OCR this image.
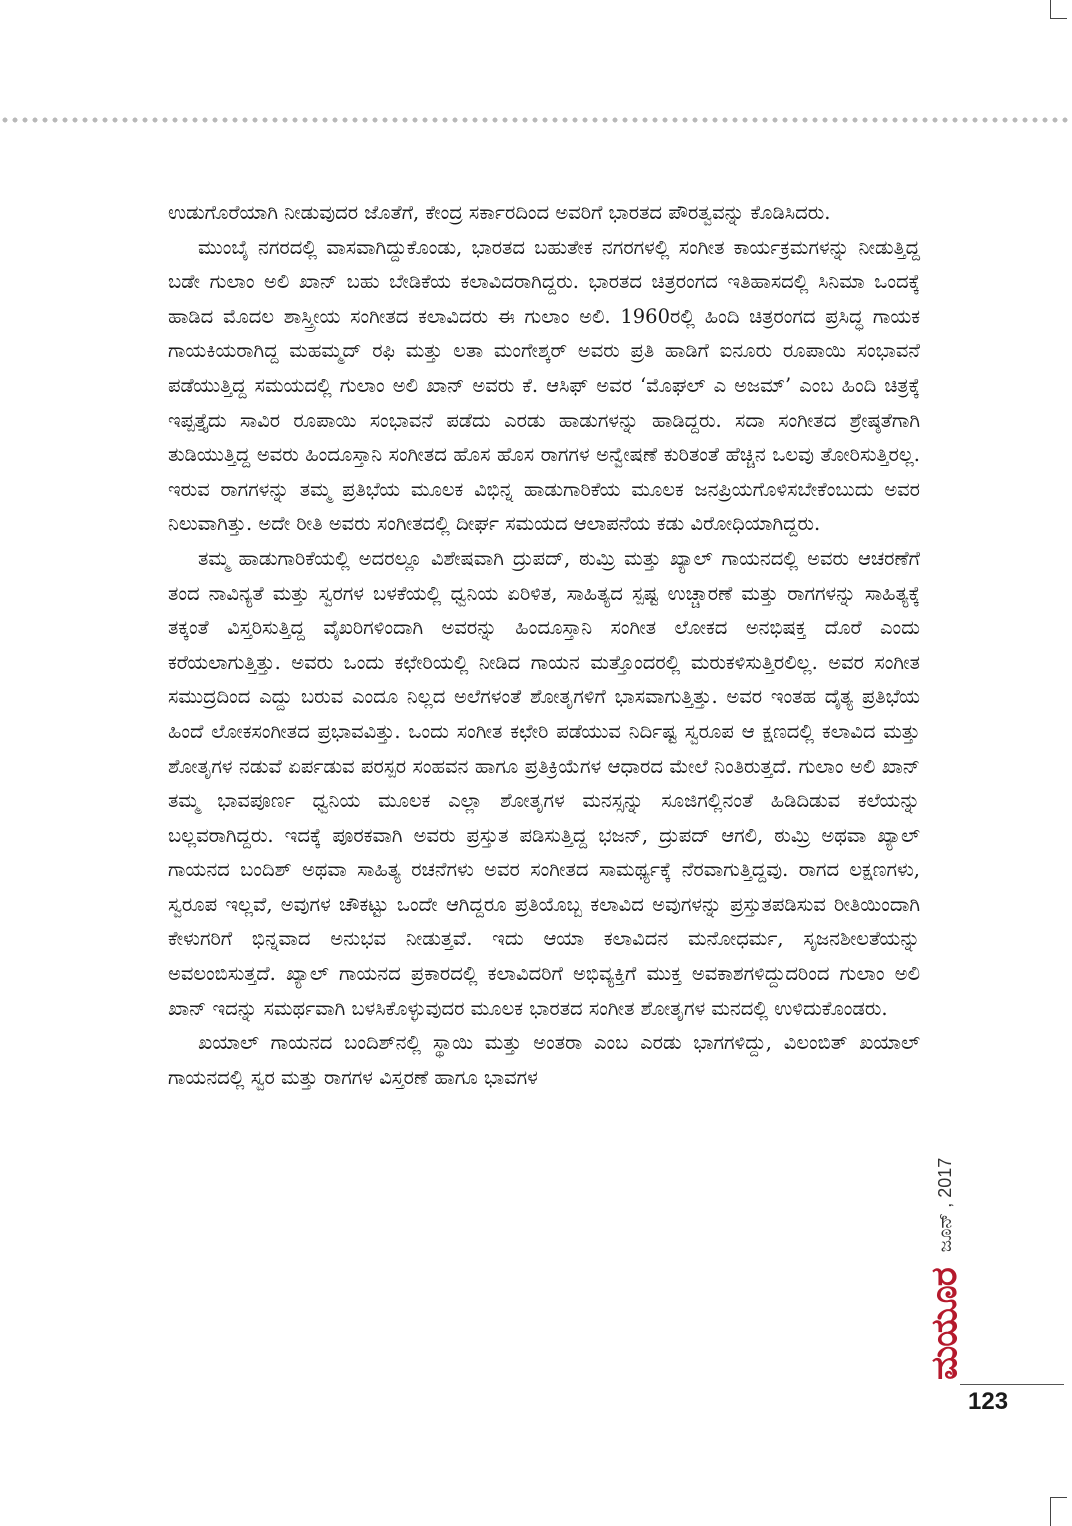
ಉಡುಗೊರೆಯಾಗಿ ನೀಡುವುದರ ಜೊತೆಗೆ, ಕೇಂದ್ರ ಸರ್ಕಾರದಿಂದ ಅವರಿಗೆ ಭಾರತದ ಪೌರತ್ವವನ್ನು ಕೊಡಿಸಿದರು.

ಮುಂಬೈ ನಗರದಲ್ಲಿ ವಾಸವಾಗಿದ್ದುಕೊಂಡು, ಭಾರತದ ಬಹುತೇಕ ನಗರಗಳಲ್ಲಿ ಸಂಗೀತ ಕಾರ್ಯಕ್ರಮಗಳನ್ನು ನೀಡುತ್ತಿದ್ದ ಬಡೇ ಗುಲಾಂ ಅಲಿ ಖಾನ್ ಬಹು ಬೇಡಿಕೆಯ ಕಲಾವಿದರಾಗಿದ್ದರು. ಭಾರತದ ಚಿತ್ರರಂಗದ ಇತಿಹಾಸದಲ್ಲಿ ಸಿನಿಮಾ ಒಂದಕ್ಕೆ ಹಾಡಿದ ಮೊದಲ ಶಾಸ್ತ್ರೀಯ ಸಂಗೀತದ ಕಲಾವಿದರು ಈ ಗುಲಾಂ ಅಲಿ. 1960ರಲ್ಲಿ ಹಿಂದಿ ಚಿತ್ರರಂಗದ ಪ್ರಸಿದ್ಧ ಗಾಯಕ ಗಾಯಕಿಯರಾಗಿದ್ದ ಮಹಮ್ಮದ್ ರಫಿ ಮತ್ತು ಲತಾ ಮಂಗೇಶ್ಕರ್ ಅವರು ಪ್ರತಿ ಹಾಡಿಗೆ ಐನೂರು ರೂಪಾಯಿ ಸಂಭಾವನೆ ಪಡೆಯುತ್ತಿದ್ದ ಸಮಯದಲ್ಲಿ ಗುಲಾಂ ಅಲಿ ಖಾನ್ ಅವರು ಕೆ. ಆಸಿಫ್ ಅವರ ‘ಮೊಘಲ್ ಎ ಅಜಮ್’ ಎಂಬ ಹಿಂದಿ ಚಿತ್ರಕ್ಕೆ ಇಪ್ಪತ್ತೈದು ಸಾವಿರ ರೂಪಾಯಿ ಸಂಭಾವನೆ ಪಡೆದು ಎರಡು ಹಾಡುಗಳನ್ನು ಹಾಡಿದ್ದರು. ಸದಾ ಸಂಗೀತದ ಶ್ರೇಷ್ಠತೆಗಾಗಿ ತುಡಿಯುತ್ತಿದ್ದ ಅವರು ಹಿಂದೂಸ್ತಾನಿ ಸಂಗೀತದ ಹೊಸ ಹೊಸ ರಾಗಗಳ ಅನ್ವೇಷಣೆ ಕುರಿತಂತೆ ಹೆಚ್ಚಿನ ಒಲವು ತೋರಿಸುತ್ತಿರಲ್ಲ. ಇರುವ ರಾಗಗಳನ್ನು ತಮ್ಮ ಪ್ರತಿಭೆಯ ಮೂಲಕ ವಿಭಿನ್ನ ಹಾಡುಗಾರಿಕೆಯ ಮೂಲಕ ಜನಪ್ರಿಯಗೊಳಿಸಬೇಕೆಂಬುದು ಅವರ ನಿಲುವಾಗಿತ್ತು. ಅದೇ ರೀತಿ ಅವರು ಸಂಗೀತದಲ್ಲಿ ದೀರ್ಘ ಸಮಯದ ಆಲಾಪನೆಯ ಕಡು ವಿರೋಧಿಯಾಗಿದ್ದರು.

ತಮ್ಮ ಹಾಡುಗಾರಿಕೆಯಲ್ಲಿ ಅದರಲ್ಲೂ ವಿಶೇಷವಾಗಿ ದ್ರುಪದ್, ಠುಮ್ರಿ ಮತ್ತು ಖ್ಯಾಲ್ ಗಾಯನದಲ್ಲಿ ಅವರು ಆಚರಣೆಗೆ ತಂದ ನಾವಿನ್ಯತೆ ಮತ್ತು ಸ್ವರಗಳ ಬಳಕೆಯಲ್ಲಿ ಧ್ವನಿಯ ಏರಿಳಿತ, ಸಾಹಿತ್ಯದ ಸ್ಪಷ್ಟ ಉಚ್ಚಾರಣೆ ಮತ್ತು ರಾಗಗಳನ್ನು ಸಾಹಿತ್ಯಕ್ಕೆ ತಕ್ಕಂತೆ ವಿಸ್ತರಿಸುತ್ತಿದ್ದ ವೈಖರಿಗಳಿಂದಾಗಿ ಅವರನ್ನು ಹಿಂದೂಸ್ತಾನಿ ಸಂಗೀತ ಲೋಕದ ಅನಭಿಷಕ್ತ ದೊರೆ ಎಂದು ಕರೆಯಲಾಗುತ್ತಿತ್ತು. ಅವರು ಒಂದು ಕಛೇರಿಯಲ್ಲಿ ನೀಡಿದ ಗಾಯನ ಮತ್ತೊಂದರಲ್ಲಿ ಮರುಕಳಿಸುತ್ತಿರಲಿಲ್ಲ. ಅವರ ಸಂಗೀತ ಸಮುದ್ರದಿಂದ ಎದ್ದು ಬರುವ ಎಂದೂ ನಿಲ್ಲದ ಅಲೆಗಳಂತೆ ಶೋತೃಗಳಿಗೆ ಭಾಸವಾಗುತ್ತಿತ್ತು. ಅವರ ಇಂತಹ ದೈತ್ಯ ಪ್ರತಿಭೆಯ ಹಿಂದೆ ಲೋಕಸಂಗೀತದ ಪ್ರಭಾವವಿತ್ತು. ಒಂದು ಸಂಗೀತ ಕಛೇರಿ ಪಡೆಯುವ ನಿರ್ದಿಷ್ಟ ಸ್ವರೂಪ ಆ ಕ್ಷಣದಲ್ಲಿ ಕಲಾವಿದ ಮತ್ತು ಶೋತೃಗಳ ನಡುವೆ ಏರ್ಪಡುವ ಪರಸ್ಪರ ಸಂಹವನ ಹಾಗೂ ಪ್ರತಿಕ್ರಿಯೆಗಳ ಆಧಾರದ ಮೇಲೆ ನಿಂತಿರುತ್ತದೆ. ಗುಲಾಂ ಅಲಿ ಖಾನ್ ತಮ್ಮ ಭಾವಪೂರ್ಣ ಧ್ವನಿಯ ಮೂಲಕ ಎಲ್ಲಾ ಶೋತೃಗಳ ಮನಸ್ಸನ್ನು ಸೂಜಿಗಲ್ಲಿನಂತೆ ಹಿಡಿದಿಡುವ ಕಲೆಯನ್ನು ಬಲ್ಲವರಾಗಿದ್ದರು. ಇದಕ್ಕೆ ಪೂರಕವಾಗಿ ಅವರು ಪ್ರಸ್ತುತ ಪಡಿಸುತ್ತಿದ್ದ ಭಜನ್, ದ್ರುಪದ್ ಆಗಲಿ, ಠುಮ್ರಿ ಅಥವಾ ಖ್ಯಾಲ್ ಗಾಯನದ ಬಂದಿಶ್ ಅಥವಾ ಸಾಹಿತ್ಯ ರಚನೆಗಳು ಅವರ ಸಂಗೀತದ ಸಾಮರ್ಥ್ಯಕ್ಕೆ ನೆರವಾಗುತ್ತಿದ್ದವು. ರಾಗದ ಲಕ್ಷಣಗಳು, ಸ್ವರೂಪ ಇಲ್ಲವೆ, ಅವುಗಳ ಚೌಕಟ್ಟು ಒಂದೇ ಆಗಿದ್ದರೂ ಪ್ರತಿಯೊಬ್ಬ ಕಲಾವಿದ ಅವುಗಳನ್ನು ಪ್ರಸ್ತುತಪಡಿಸುವ ರೀತಿಯಿಂದಾಗಿ ಕೇಳುಗರಿಗೆ ಭಿನ್ನವಾದ ಅನುಭವ ನೀಡುತ್ತವೆ. ಇದು ಆಯಾ ಕಲಾವಿದನ ಮನೋಧರ್ಮ, ಸೃಜನಶೀಲತೆಯನ್ನು ಅವಲಂಬಿಸುತ್ತದೆ. ಖ್ಯಾಲ್ ಗಾಯನದ ಪ್ರಕಾರದಲ್ಲಿ ಕಲಾವಿದರಿಗೆ ಅಭಿವ್ಯಕ್ತಿಗೆ ಮುಕ್ತ ಅವಕಾಶಗಳಿದ್ದುದರಿಂದ ಗುಲಾಂ ಅಲಿ ಖಾನ್ ಇದನ್ನು ಸಮರ್ಥವಾಗಿ ಬಳಸಿಕೊಳ್ಳುವುದರ ಮೂಲಕ ಭಾರತದ ಸಂಗೀತ ಶೋತೃಗಳ ಮನದಲ್ಲಿ ಉಳಿದುಕೊಂಡರು.

ಖಯಾಲ್ ಗಾಯನದ ಬಂದಿಶ್‌ನಲ್ಲಿ ಸ್ಥಾಯಿ ಮತ್ತು ಅಂತರಾ ಎಂಬ ಎರಡು ಭಾಗಗಳಿದ್ದು, ವಿಲಂಬಿತ್ ಖಯಾಲ್ ಗಾಯನದಲ್ಲಿ ಸ್ವರ ಮತ್ತು ರಾಗಗಳ ವಿಸ್ತರಣೆ ಹಾಗೂ ಭಾವಗಳ

ಮಯೂರ
ಜೂನ್ , 2017
123
